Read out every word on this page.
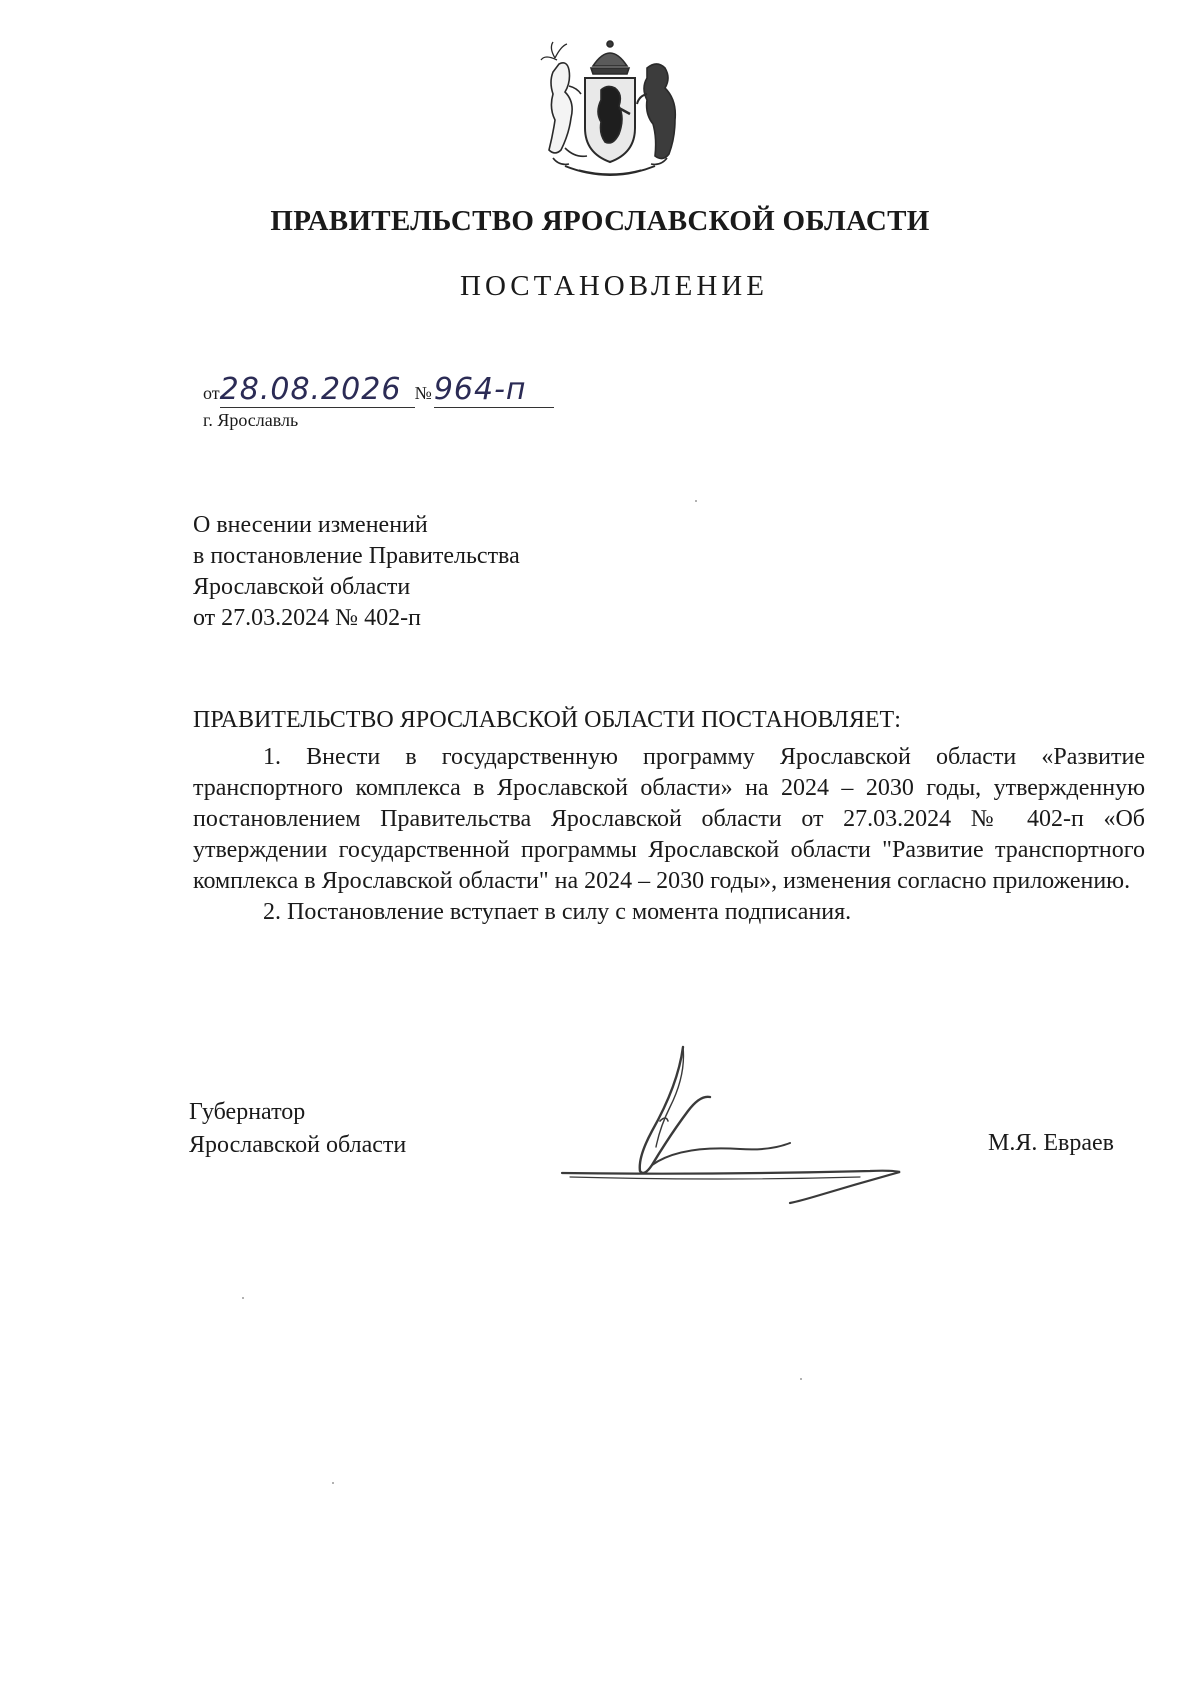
ПРАВИТЕЛЬСТВО ЯРОСЛАВСКОЙ ОБЛАСТИ
ПОСТАНОВЛЕНИЕ
от28.08.2026 №964-п
г. Ярославль
О внесении изменений
в постановление Правительства
Ярославской области
от 27.03.2024 № 402-п
ПРАВИТЕЛЬСТВО ЯРОСЛАВСКОЙ ОБЛАСТИ ПОСТАНОВЛЯЕТ:

1. Внести в государственную программу Ярославской области «Развитие транспортного комплекса в Ярославской области» на 2024 – 2030 годы, утвержденную постановлением Правительства Ярославской области от 27.03.2024 № 402-п «Об утверждении государственной программы Ярославской области "Развитие транспортного комплекса в Ярославской области" на 2024 – 2030 годы», изменения согласно приложению.

2. Постановление вступает в силу с момента подписания.

Губернатор
Ярославской области	М.Я. Евраев
